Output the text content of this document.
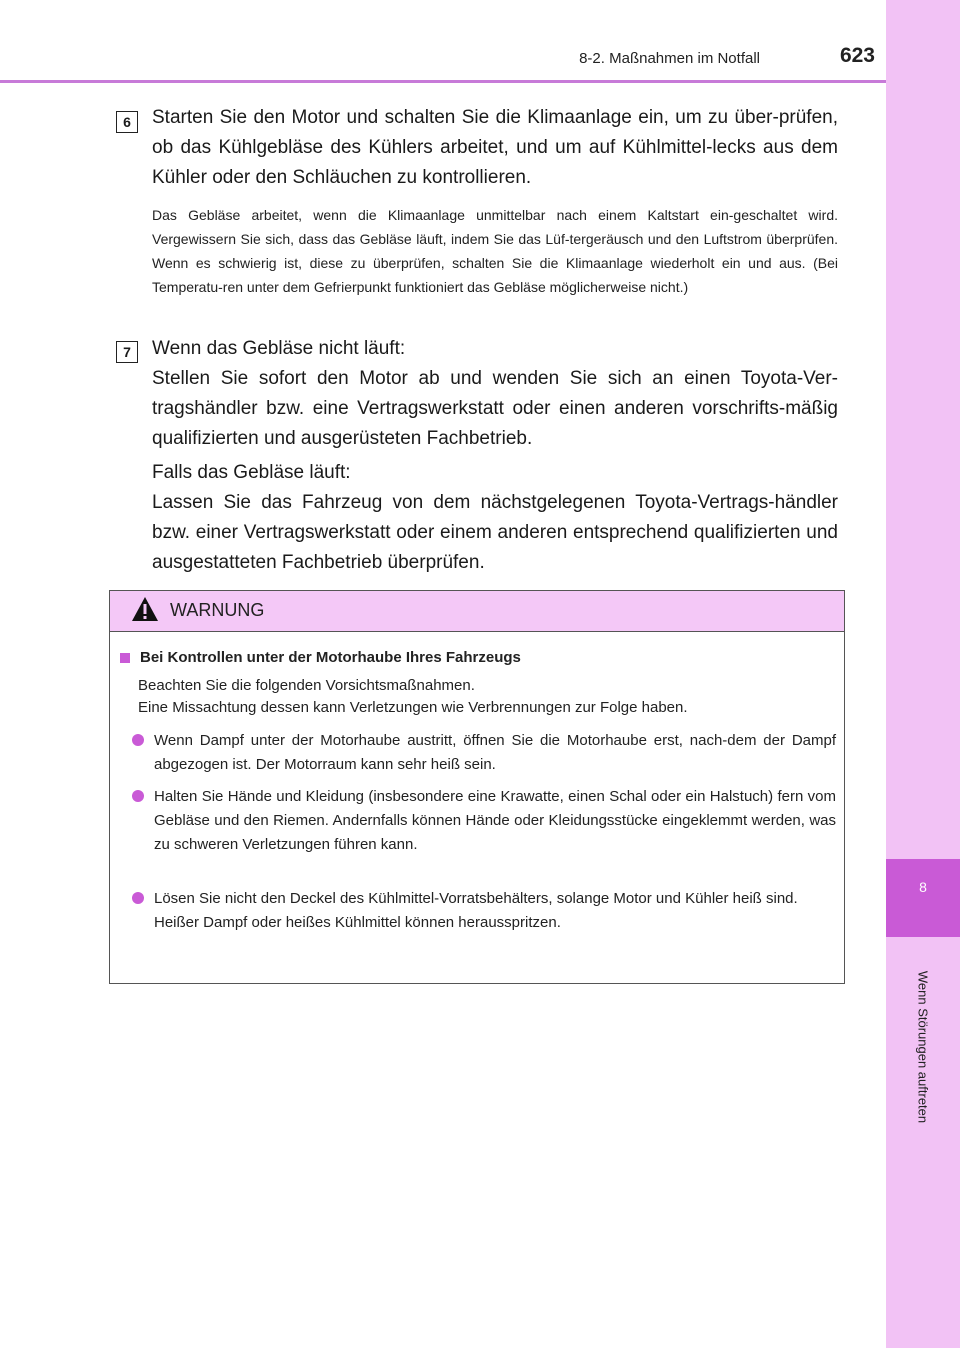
8-2. Maßnahmen im Notfall	623
8
Wenn Störungen auftreten
6	Starten Sie den Motor und schalten Sie die Klimaanlage ein, um zu über-prüfen, ob das Kühlgebläse des Kühlers arbeitet, und um auf Kühlmittel-lecks aus dem Kühler oder den Schläuchen zu kontrollieren.
Das Gebläse arbeitet, wenn die Klimaanlage unmittelbar nach einem Kaltstart ein-geschaltet wird. Vergewissern Sie sich, dass das Gebläse läuft, indem Sie das Lüf-tergeräusch und den Luftstrom überprüfen. Wenn es schwierig ist, diese zu überprüfen, schalten Sie die Klimaanlage wiederholt ein und aus. (Bei Temperatu-ren unter dem Gefrierpunkt funktioniert das Gebläse möglicherweise nicht.)
7	Wenn das Gebläse nicht läuft:
Stellen Sie sofort den Motor ab und wenden Sie sich an einen Toyota-Ver-tragshändler bzw. eine Vertragswerkstatt oder einen anderen vorschrifts-mäßig qualifizierten und ausgerüsteten Fachbetrieb.
Falls das Gebläse läuft:
Lassen Sie das Fahrzeug von dem nächstgelegenen Toyota-Vertrags-händler bzw. einer Vertragswerkstatt oder einem anderen entsprechend qualifizierten und ausgestatteten Fachbetrieb überprüfen.
WARNUNG
Bei Kontrollen unter der Motorhaube Ihres Fahrzeugs
Beachten Sie die folgenden Vorsichtsmaßnahmen.
Eine Missachtung dessen kann Verletzungen wie Verbrennungen zur Folge haben.
Wenn Dampf unter der Motorhaube austritt, öffnen Sie die Motorhaube erst, nach-dem der Dampf abgezogen ist. Der Motorraum kann sehr heiß sein.
Halten Sie Hände und Kleidung (insbesondere eine Krawatte, einen Schal oder ein Halstuch) fern vom Gebläse und den Riemen. Andernfalls können Hände oder Kleidungsstücke eingeklemmt werden, was zu schweren Verletzungen führen kann.
Lösen Sie nicht den Deckel des Kühlmittel-Vorratsbehälters, solange Motor und Kühler heiß sind.
Heißer Dampf oder heißes Kühlmittel können herausspritzen.
